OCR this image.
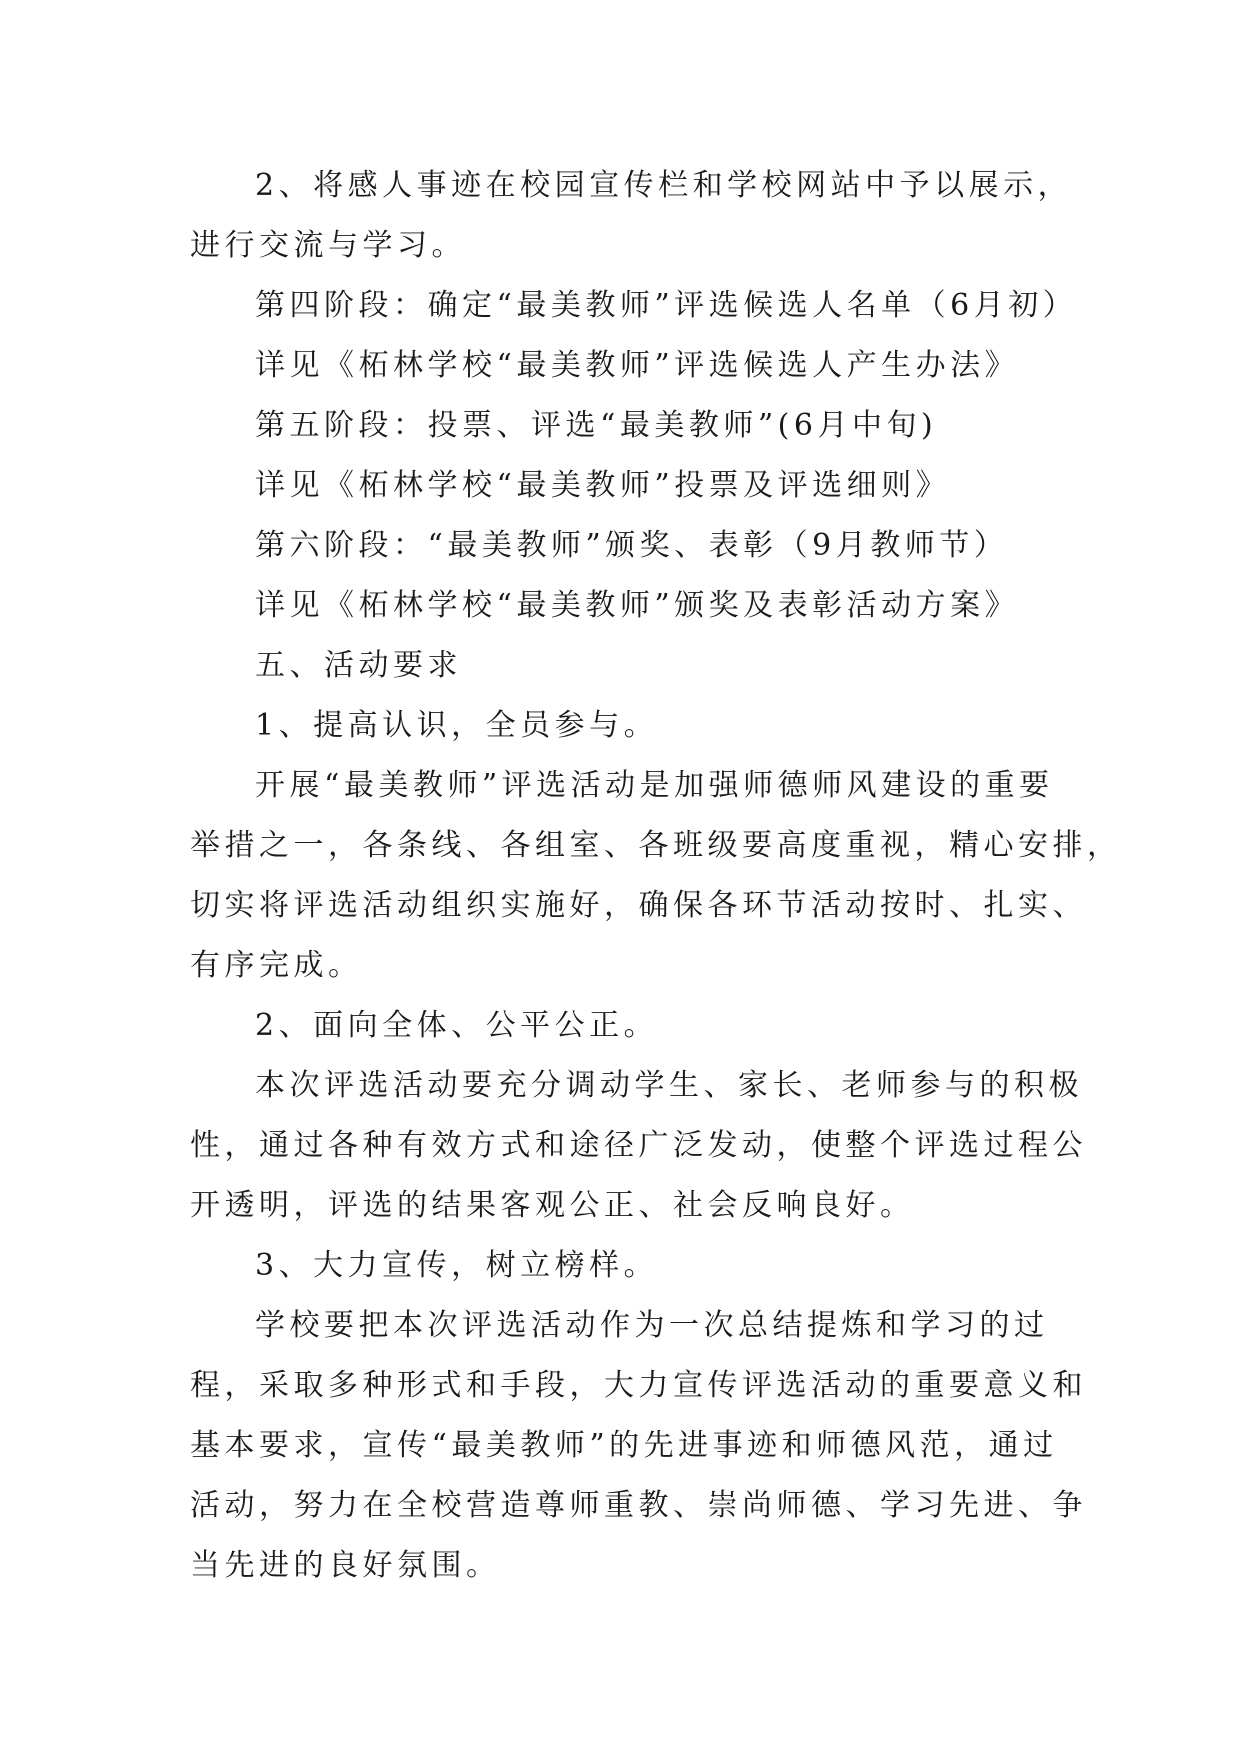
2、将感人事迹在校园宣传栏和学校网站中予以展示，
进行交流与学习。
第四阶段：确定“最美教师”评选候选人名单（6月初）
详见《柘林学校“最美教师”评选候选人产生办法》
第五阶段：投票、评选“最美教师”(6月中旬)
详见《柘林学校“最美教师”投票及评选细则》
第六阶段：“最美教师”颁奖、表彰（9月教师节）
详见《柘林学校“最美教师”颁奖及表彰活动方案》
五、活动要求
1、提高认识，全员参与。
开展“最美教师”评选活动是加强师德师风建设的重要
举措之一，各条线、各组室、各班级要高度重视，精心安排，
切实将评选活动组织实施好，确保各环节活动按时、扎实、
有序完成。
2、面向全体、公平公正。
本次评选活动要充分调动学生、家长、老师参与的积极
性，通过各种有效方式和途径广泛发动，使整个评选过程公
开透明，评选的结果客观公正、社会反响良好。
3、大力宣传，树立榜样。
学校要把本次评选活动作为一次总结提炼和学习的过
程，采取多种形式和手段，大力宣传评选活动的重要意义和
基本要求，宣传“最美教师”的先进事迹和师德风范，通过
活动，努力在全校营造尊师重教、崇尚师德、学习先进、争
当先进的良好氛围。
